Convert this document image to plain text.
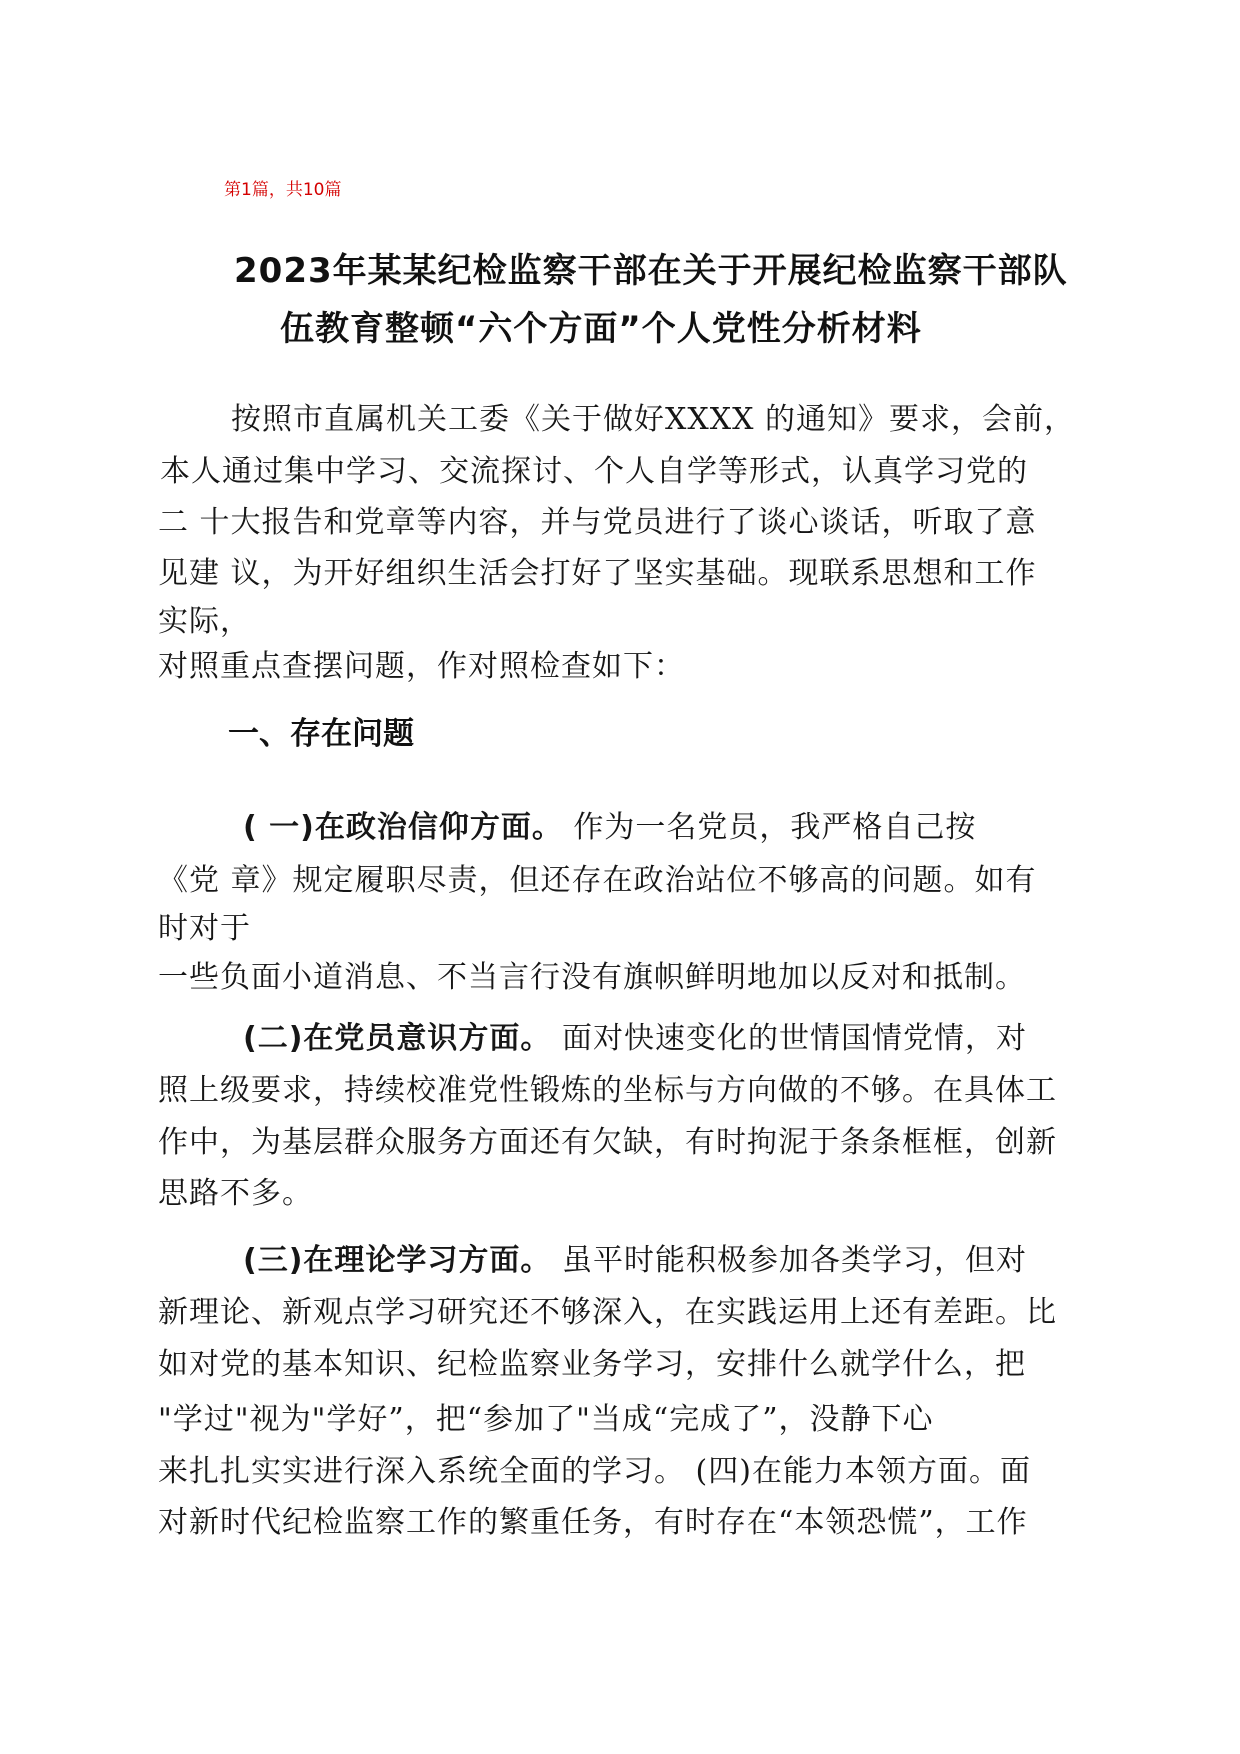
第1篇，共10篇
2023年某某纪检监察干部在关于开展纪检监察干部队
伍教育整顿“六个方面”个人党性分析材料
按照市直属机关工委《关于做好XXXX 的通知》要求，会前，
本人通过集中学习、交流探讨、个人自学等形式，认真学习党的
二 十大报告和党章等内容，并与党员进行了谈心谈话，听取了意
见建 议，为开好组织生活会打好了坚实基础。现联系思想和工作
实际，
对照重点查摆问题，作对照检查如下：
一、存在问题
( 一)在政治信仰方面。 作为一名党员，我严格自己按
《党 章》规定履职尽责，但还存在政治站位不够高的问题。如有
时对于
一些负面小道消息、不当言行没有旗帜鲜明地加以反对和抵制。
(二)在党员意识方面。 面对快速变化的世情国情党情，对
照上级要求，持续校准党性锻炼的坐标与方向做的不够。在具体工
作中，为基层群众服务方面还有欠缺，有时拘泥于条条框框，创新
思路不多。
(三)在理论学习方面。 虽平时能积极参加各类学习，但对
新理论、新观点学习研究还不够深入，在实践运用上还有差距。比
如对党的基本知识、纪检监察业务学习，安排什么就学什么，把
"学过"视为"学好”，把“参加了"当成“完成了”，没静下心
来扎扎实实进行深入系统全面的学习。 (四)在能力本领方面。面
对新时代纪检监察工作的繁重任务，有时存在“本领恐慌”，工作
